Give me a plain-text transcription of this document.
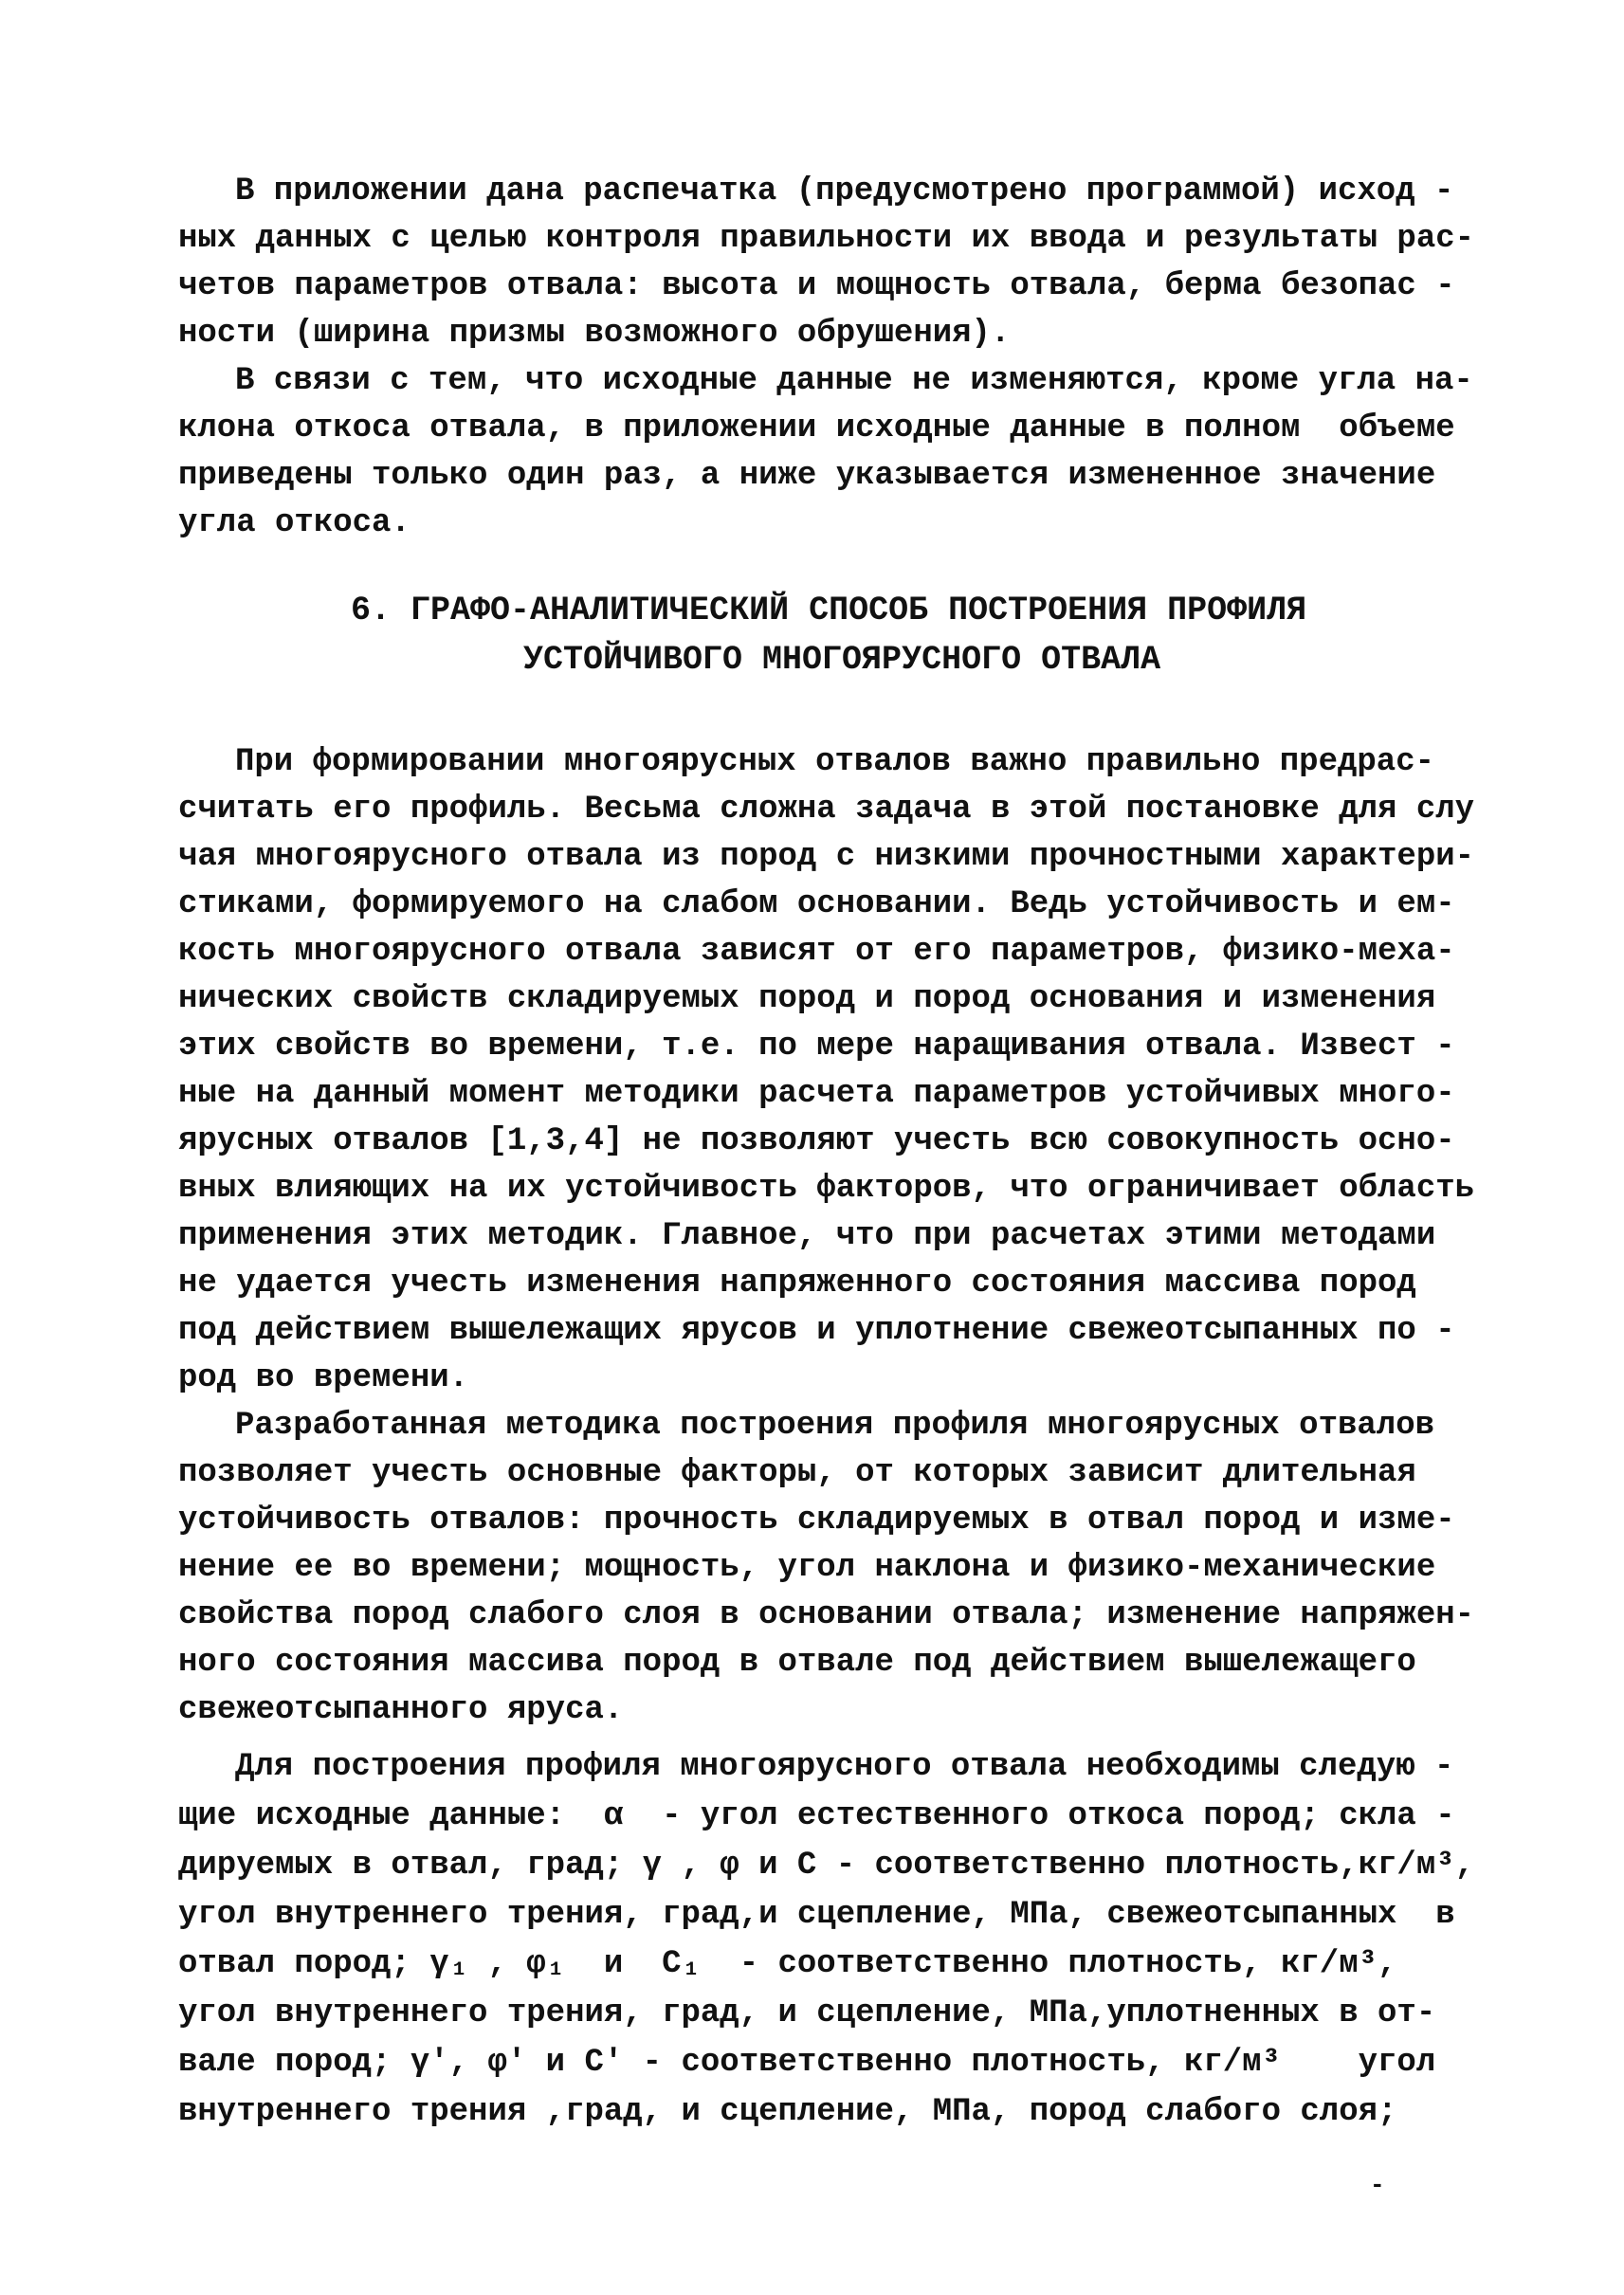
В приложении дана распечатка (предусмотрено программой) исход -
ных данных с целью контроля правильности их ввода и результаты рас-
четов параметров отвала: высота и мощность отвала, берма безопас -
ности (ширина призмы возможного обрушения).
В связи с тем, что исходные данные не изменяются, кроме угла на-
клона откоса отвала, в приложении исходные данные в полном  объеме
приведены только один раз, а ниже указывается измененное значение
угла откоса.
6. ГРАФО-АНАЛИТИЧЕСКИЙ СПОСОБ ПОСТРОЕНИЯ ПРОФИЛЯ
УСТОЙЧИВОГО МНОГОЯРУСНОГО ОТВАЛА
При формировании многоярусных отвалов важно правильно предрас-
считать его профиль. Весьма сложна задача в этой постановке для слу
чая многоярусного отвала из пород с низкими прочностными характери-
стиками, формируемого на слабом основании. Ведь устойчивость и ем-
кость многоярусного отвала зависят от его параметров, физико-меха-
нических свойств складируемых пород и пород основания и изменения
этих свойств во времени, т.е. по мере наращивания отвала. Извест -
ные на данный момент методики расчета параметров устойчивых много-
ярусных отвалов [1,3,4] не позволяют учесть всю совокупность осно-
вных влияющих на их устойчивость факторов, что ограничивает область
применения этих методик. Главное, что при расчетах этими методами
не удается учесть изменения напряженного состояния массива пород
под действием вышележащих ярусов и уплотнение свежеотсыпанных по -
род во времени.
Разработанная методика построения профиля многоярусных отвалов
позволяет учесть основные факторы, от которых зависит длительная
устойчивость отвалов: прочность складируемых в отвал пород и изме-
нение ее во времени; мощность, угол наклона и физико-механические
свойства пород слабого слоя в основании отвала; изменение напряжен-
ного состояния массива пород в отвале под действием вышележащего
свежеотсыпанного яруса.
Для построения профиля многоярусного отвала необходимы следую -
щие исходные данные:  α  - угол естественного откоса пород; скла -
дируемых в отвал, град; γ , φ и C - соответственно плотность,кг/м³,
угол внутреннего трения, град,и сцепление, МПа, свежеотсыпанных  в
отвал пород; γ₁ , φ₁  и  C₁  - соответственно плотность, кг/м³,
угол внутреннего трения, град, и сцепление, МПа,уплотненных в от-
вале пород; γ', φ' и C' - соответственно плотность, кг/м³    угол
внутреннего трения ,град, и сцепление, МПа, пород слабого слоя;
-
